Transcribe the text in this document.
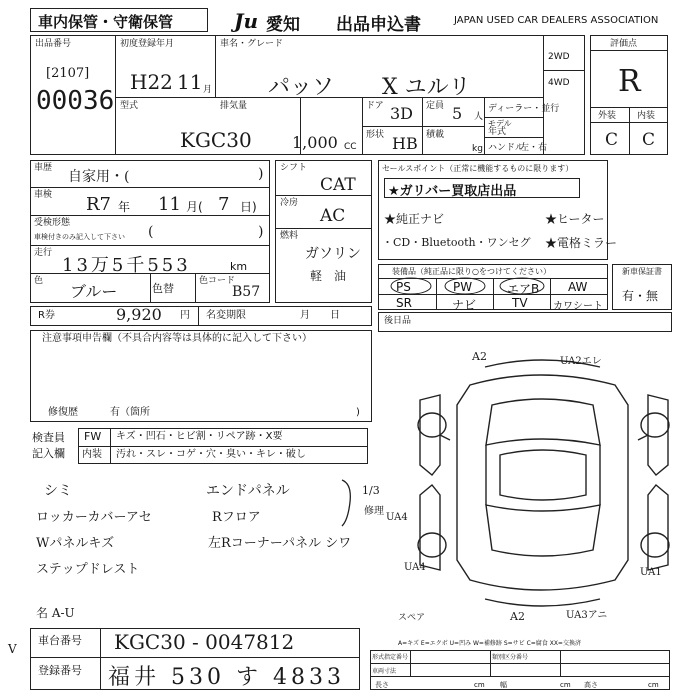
車内保管・守衛保管	Ju 愛知 出品申込書	JAPAN USED CAR DEALERS ASSOCIATION
出品番号
[2107]
00036
初度登録年月
H22 11 月
車名・グレード
パッソ X ユルリ
2WD
4WD
型式
KGC30
排気量
1,000 CC
ドア 3D
形状 HB
定員 5 人
積載
kg
ディーラー・並行
モデル
年式
ハンドル
左・右
評価点
R
外装 内装
C C
車歴
自家用・(	)
車検 R7 年 11 月( 7 日)
受検形態
車検付きのみ記入して下さい (	)
走行
13万5千553	km
色
ブルー	色替
色コード
B57
シフト
CAT
冷房
AC
燃料
ガソリン
軽　油
R券	9,920 円 名変期限	月　　日
セールスポイント（正常に機能するものに限ります）
★ガリバー買取店出品
★純正ナビ	★ヒーター
・CD・Bluetooth・ワンセグ ★電格ミラー
装備品（純正品に限り○をつけてください）
PS	PW	エアB AW
SR	ナビ	TV	カワシート
新車保証書
有・無
注意事項申告欄（不具合内容等は具体的に記入して下さい）
修復歴	有（箇所	)
後日品
検査員
記入欄
FW キズ・凹石・ヒビ割・リペア跡・X要
内装 汚れ・スレ・コゲ・穴・臭い・キレ・破し
シミ	エンドパネル
ロッカーカバーアセ	Rフロア
Wパネルキズ	左Rコーナーパネル シワ
ステップドレスト
1/3
修理
名 A-U
A2	UA2エレ
UA4
UA4	UA1
A2	UA3アニ
スペア
A=キズ E=エクボ U=凹み W=補修跡 S=サビ C=腐食 XX=交換済
V
車台番号 KGC30 - 0047812
登録番号 福井 530 す 4833
形式指定番号	類別区分番号
車両寸法
長さ	cm 幅	cm 高さ	cm
